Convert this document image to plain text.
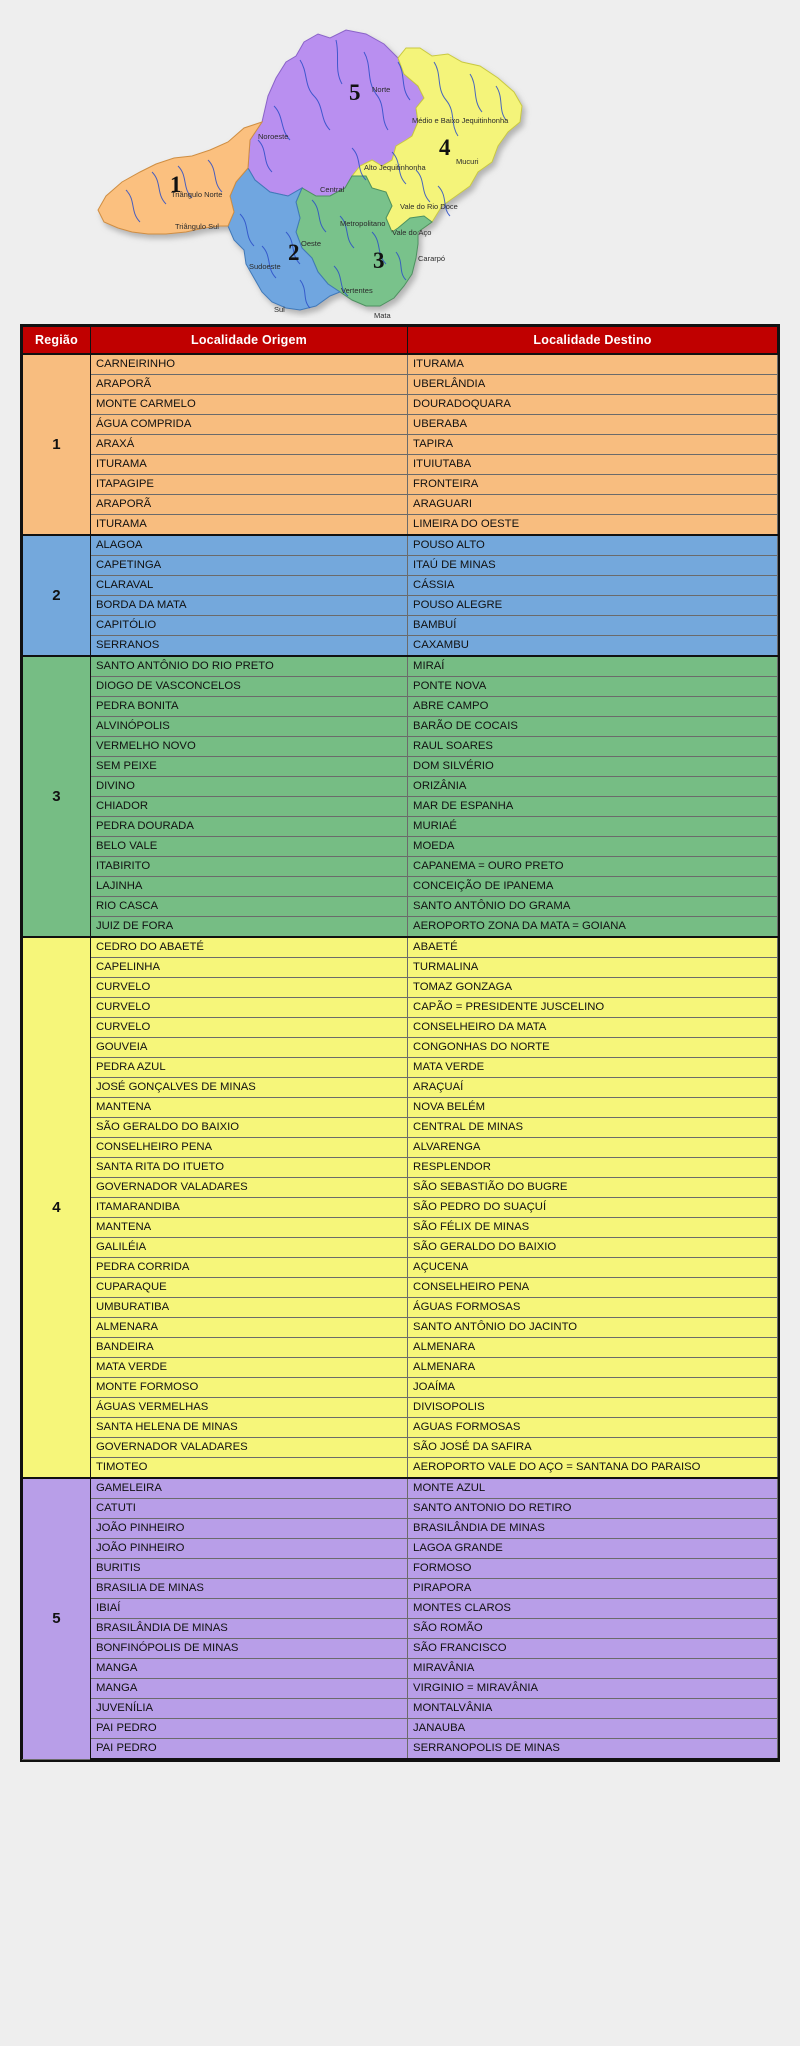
1
2	3
4
5 Norte
Noroeste
Médio e Baixo Jequitinhonha
Alto Jequitinhonha
Mucuri
Central
Vale do Rio Doce
Triângulo Norte
Metropolitano
Vale do Aço
Triângulo Sul
Oeste
Cararpó
Sudoeste
Vertentes
Sul
Mata
Região	Localidade Origem	Localidade Destino
1	CARNEIRINHO	ITURAMA
	ARAPORÃ	UBERLÂNDIA
	MONTE CARMELO	DOURADOQUARA
	ÁGUA COMPRIDA	UBERABA
	ARAXÁ	TAPIRA
	ITURAMA	ITUIUTABA
	ITAPAGIPE	FRONTEIRA
	ARAPORÃ	ARAGUARI
	ITURAMA	LIMEIRA DO OESTE
2	ALAGOA	POUSO ALTO
	CAPETINGA	ITAÚ DE MINAS
	CLARAVAL	CÁSSIA
	BORDA DA MATA	POUSO ALEGRE
	CAPITÓLIO	BAMBUÍ
	SERRANOS	CAXAMBU
3	SANTO ANTÔNIO DO RIO PRETO	MIRAÍ
	DIOGO DE VASCONCELOS	PONTE NOVA
	PEDRA BONITA	ABRE CAMPO
	ALVINÓPOLIS	BARÃO DE COCAIS
	VERMELHO NOVO	RAUL SOARES
	SEM PEIXE	DOM SILVÉRIO
	DIVINO	ORIZÂNIA
	CHIADOR	MAR DE ESPANHA
	PEDRA DOURADA	MURIAÉ
	BELO VALE	MOEDA
	ITABIRITO	CAPANEMA = OURO PRETO
	LAJINHA	CONCEIÇÃO DE IPANEMA
	RIO CASCA	SANTO ANTÔNIO DO GRAMA
	JUIZ DE FORA	AEROPORTO ZONA DA MATA = GOIANA
4	CEDRO DO ABAETÉ	ABAETÉ
	CAPELINHA	TURMALINA
	CURVELO	TOMAZ GONZAGA
	CURVELO	CAPÃO = PRESIDENTE JUSCELINO
	CURVELO	CONSELHEIRO DA MATA
	GOUVEIA	CONGONHAS DO NORTE
	PEDRA AZUL	MATA VERDE
	JOSÉ GONÇALVES DE MINAS	ARAÇUAÍ
	MANTENA	NOVA BELÉM
	SÃO GERALDO DO BAIXIO	CENTRAL DE MINAS
	CONSELHEIRO PENA	ALVARENGA
	SANTA RITA DO ITUETO	RESPLENDOR
	GOVERNADOR VALADARES	SÃO SEBASTIÃO DO BUGRE
	ITAMARANDIBA	SÃO PEDRO DO SUAÇUÍ
	MANTENA	SÃO FÉLIX DE MINAS
	GALILÉIA	SÃO GERALDO DO BAIXIO
	PEDRA CORRIDA	AÇUCENA
	CUPARAQUE	CONSELHEIRO PENA
	UMBURATIBA	ÁGUAS FORMOSAS
	ALMENARA	SANTO ANTÔNIO DO JACINTO
	BANDEIRA	ALMENARA
	MATA VERDE	ALMENARA
	MONTE FORMOSO	JOAÍMA
	ÁGUAS VERMELHAS	DIVISOPOLIS
	SANTA HELENA DE MINAS	AGUAS FORMOSAS
	GOVERNADOR VALADARES	SÃO JOSÉ DA SAFIRA
	TIMOTEO	AEROPORTO VALE DO AÇO = SANTANA DO PARAISO
5	GAMELEIRA	MONTE AZUL
	CATUTI	SANTO ANTONIO DO RETIRO
	JOÃO PINHEIRO	BRASILÂNDIA DE MINAS
	JOÃO PINHEIRO	LAGOA GRANDE
	BURITIS	FORMOSO
	BRASILIA DE MINAS	PIRAPORA
	IBIAÍ	MONTES CLAROS
	BRASILÂNDIA DE MINAS	SÃO ROMÃO
	BONFINÓPOLIS DE MINAS	SÃO FRANCISCO
	MANGA	MIRAVÂNIA
	MANGA	VIRGINIO = MIRAVÂNIA
	JUVENÍLIA	MONTALVÂNIA
	PAI PEDRO	JANAUBA
	PAI PEDRO	SERRANOPOLIS DE MINAS
